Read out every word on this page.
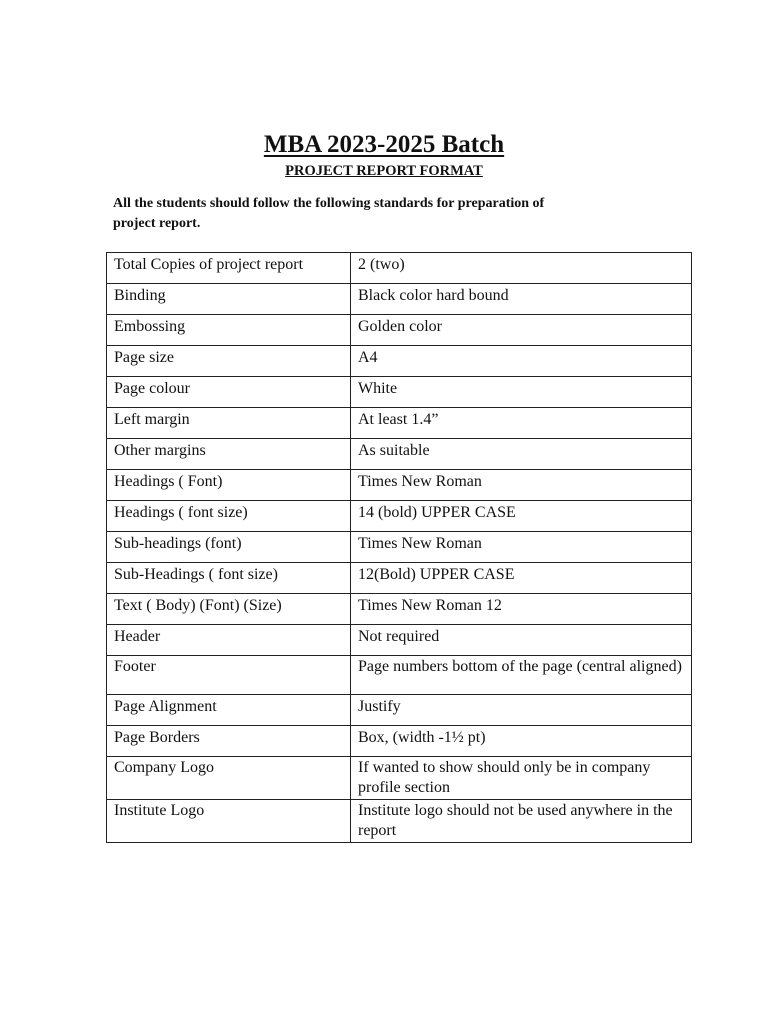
MBA 2023-2025 Batch
PROJECT REPORT FORMAT

All the students should follow the following standards for preparation of
project report.

Total Copies of project report	2 (two)
Binding	Black color hard bound
Embossing	Golden color
Page size	A4
Page colour	White
Left margin	At least 1.4”
Other margins	As suitable
Headings ( Font)	Times New Roman
Headings ( font size)	14 (bold) UPPER CASE
Sub-headings (font)	Times New Roman
Sub-Headings ( font size)	12(Bold) UPPER CASE
Text ( Body) (Font) (Size)	Times New Roman 12
Header	Not required
Footer	Page numbers bottom of the page (central aligned)
Page Alignment	Justify
Page Borders	Box, (width -1½ pt)
Company Logo	If wanted to show should only be in company profile section
Institute Logo	Institute logo should not be used anywhere in the report
